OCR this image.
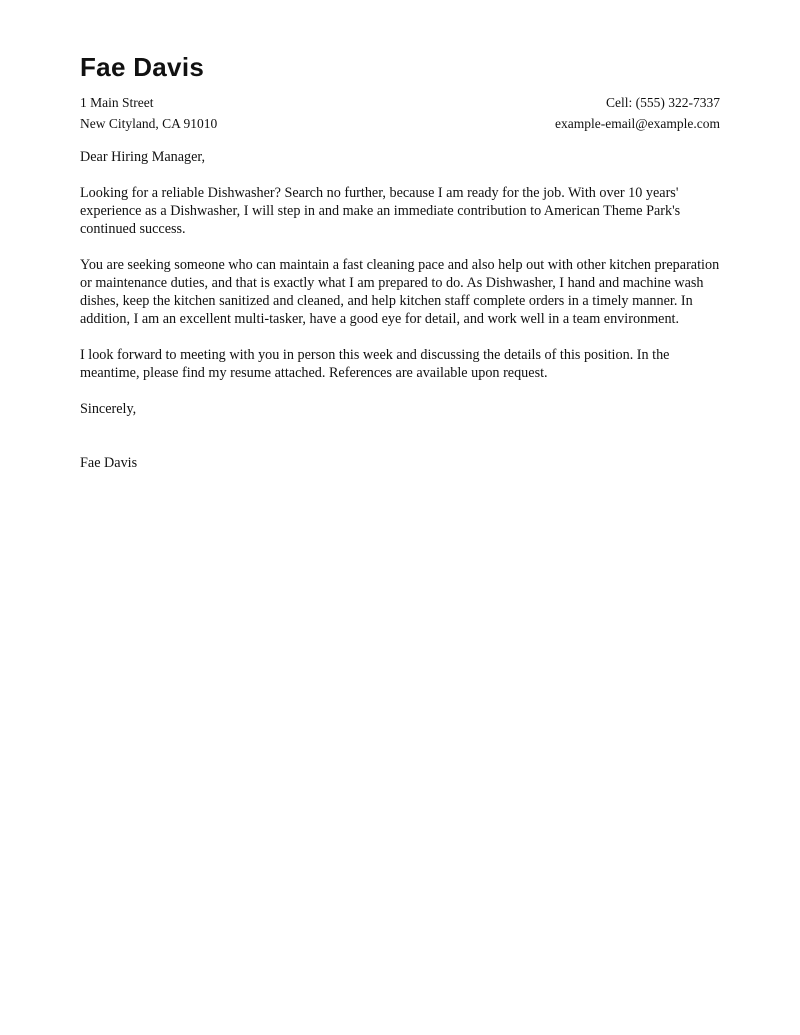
Fae Davis
1 Main Street	Cell: (555) 322-7337
New Cityland, CA 91010	example-email@example.com

Dear Hiring Manager,

Looking for a reliable Dishwasher? Search no further, because I am ready for the job. With over 10 years' experience as a Dishwasher, I will step in and make an immediate contribution to American Theme Park's continued success.

You are seeking someone who can maintain a fast cleaning pace and also help out with other kitchen preparation or maintenance duties, and that is exactly what I am prepared to do. As Dishwasher, I hand and machine wash dishes, keep the kitchen sanitized and cleaned, and help kitchen staff complete orders in a timely manner. In addition, I am an excellent multi-tasker, have a good eye for detail, and work well in a team environment.

I look forward to meeting with you in person this week and discussing the details of this position. In the meantime, please find my resume attached. References are available upon request.

Sincerely,

Fae Davis
